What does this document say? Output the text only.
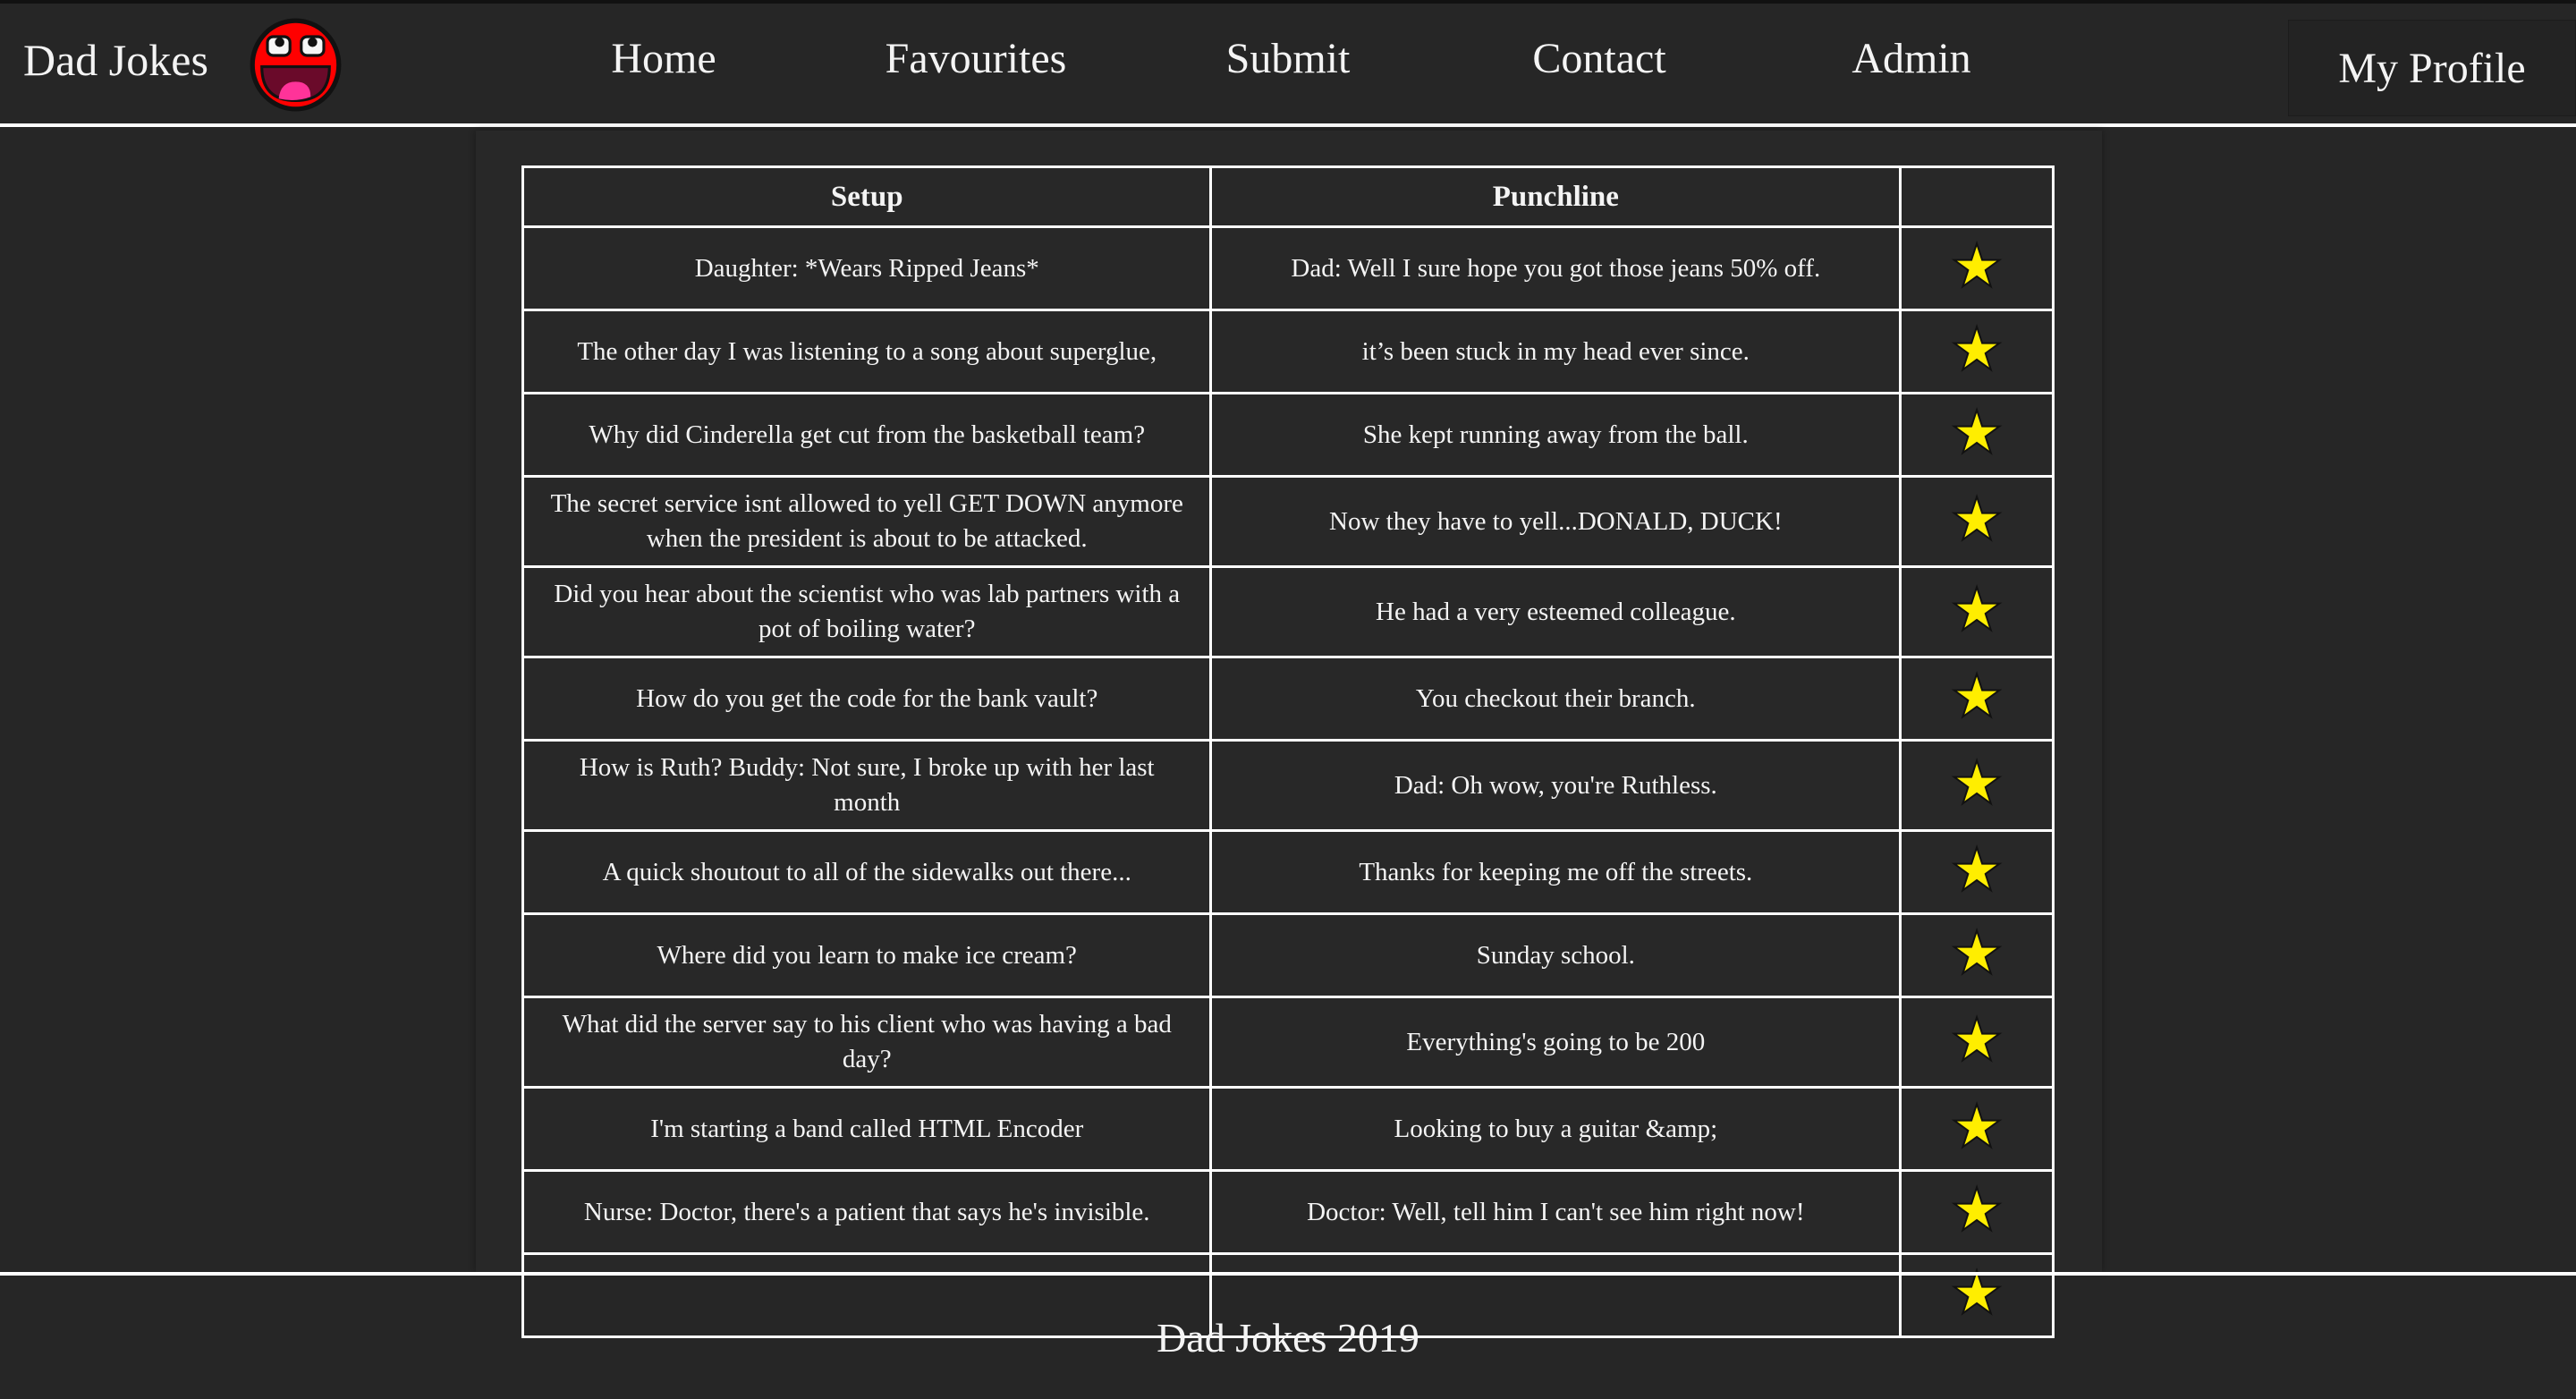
Dad Jokes	Home	Favourites	Submit	Contact	Admin	My Profile
Setup	Punchline	
Daughter: *Wears Ripped Jeans*	Dad: Well I sure hope you got those jeans 50% off.	★
The other day I was listening to a song about superglue,	it’s been stuck in my head ever since.	★
Why did Cinderella get cut from the basketball team?	She kept running away from the ball.	★
The secret service isnt allowed to yell GET DOWN anymore when the president is about to be attacked.	Now they have to yell...DONALD, DUCK!	★
Did you hear about the scientist who was lab partners with a pot of boiling water?	He had a very esteemed colleague.	★
How do you get the code for the bank vault?	You checkout their branch.	★
How is Ruth? Buddy: Not sure, I broke up with her last month	Dad: Oh wow, you're Ruthless.	★
A quick shoutout to all of the sidewalks out there...	Thanks for keeping me off the streets.	★
Where did you learn to make ice cream?	Sunday school.	★
What did the server say to his client who was having a bad day?	Everything's going to be 200	★
I'm starting a band called HTML Encoder	Looking to buy a guitar &amp;	★
Nurse: Doctor, there's a patient that says he's invisible.	Doctor: Well, tell him I can't see him right now!	★
		★
Dad Jokes 2019
